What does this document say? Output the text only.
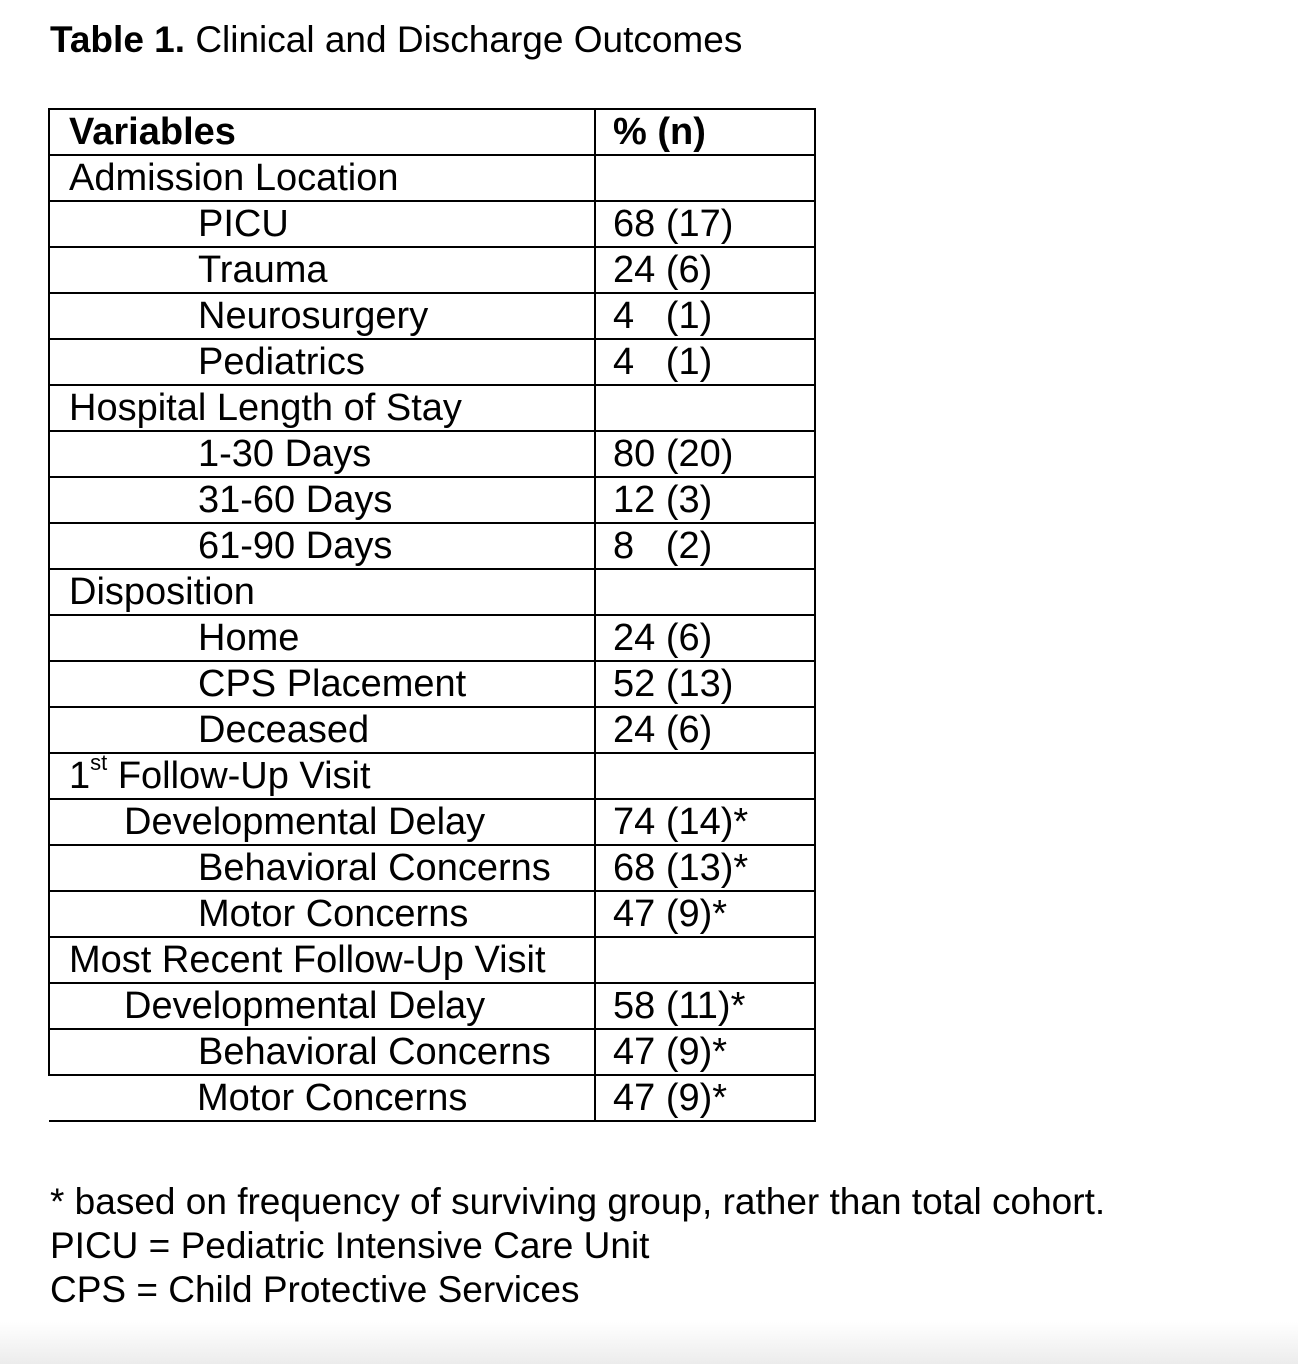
Table 1. Clinical and Discharge Outcomes
Variables	% (n)
Admission Location	
PICU	68 (17)
Trauma	24 (6)
Neurosurgery	4   (1)
Pediatrics	4   (1)
Hospital Length of Stay	
1-30 Days	80 (20)
31-60 Days	12 (3)
61-90 Days	8   (2)
Disposition	
Home	24 (6)
CPS Placement	52 (13)
Deceased	24 (6)
1st Follow-Up Visit	
Developmental Delay	74 (14)*
Behavioral Concerns	68 (13)*
Motor Concerns	47 (9)*
Most Recent Follow-Up Visit	
Developmental Delay	58 (11)*
Behavioral Concerns	47 (9)*
Motor Concerns	47 (9)*
* based on frequency of surviving group, rather than total cohort.
PICU = Pediatric Intensive Care Unit
CPS = Child Protective Services
